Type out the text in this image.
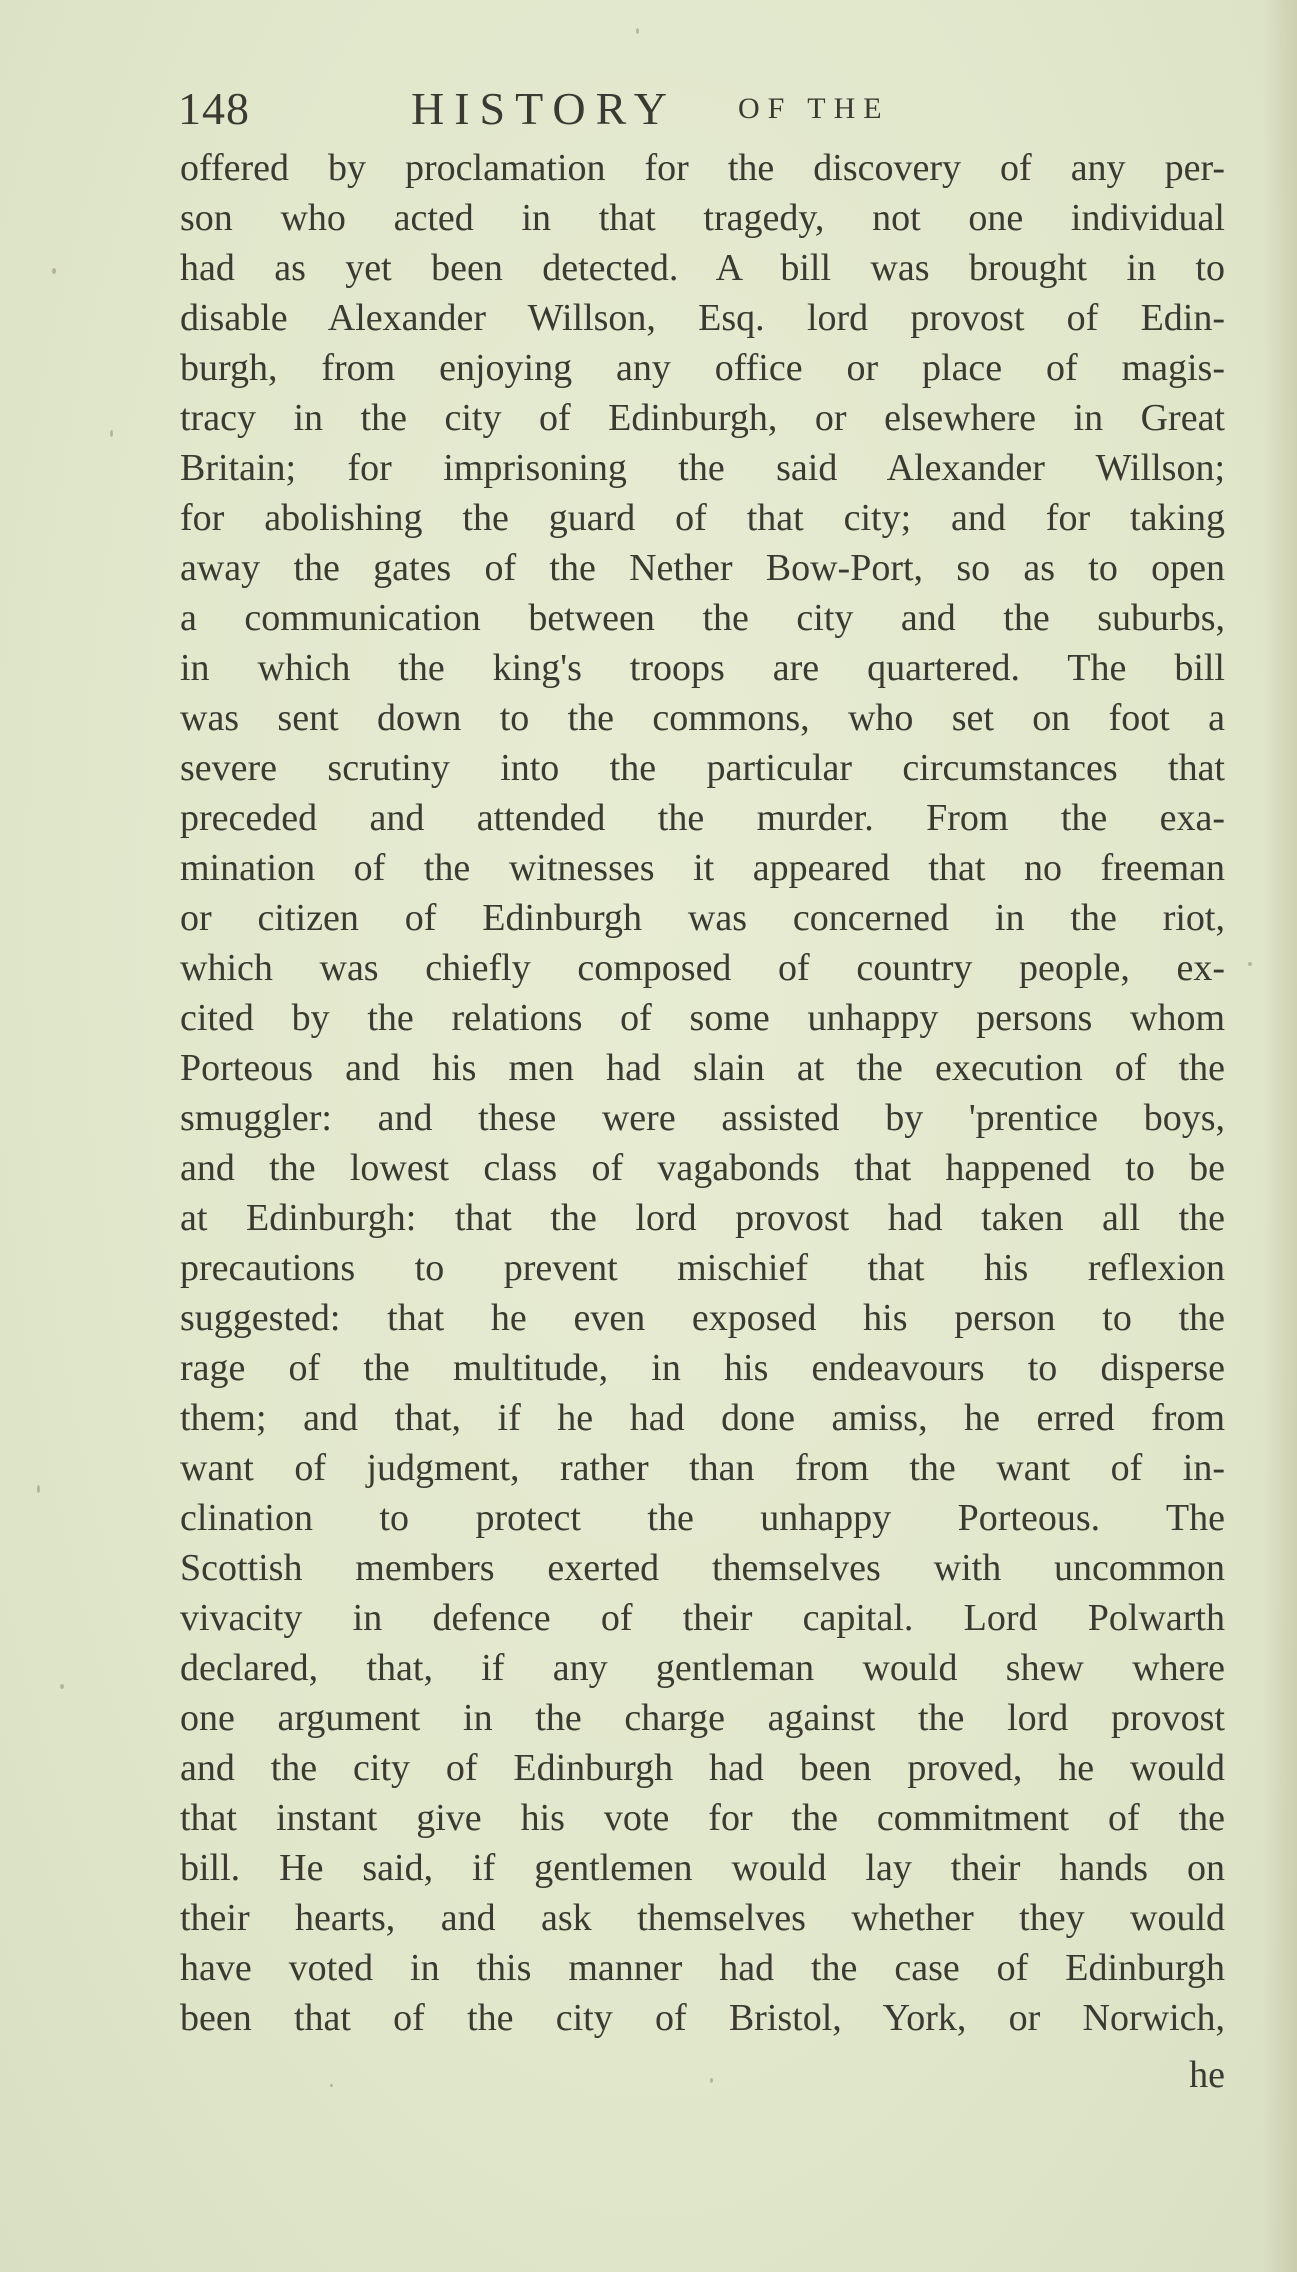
148	HISTORY OF THE
offered by proclamation for the discovery of any per-
son who acted in that tragedy, not one individual
had as yet been detected. A bill was brought in to
disable Alexander Willson, Esq. lord provost of Edin-
burgh, from enjoying any office or place of magis-
tracy in the city of Edinburgh, or elsewhere in Great
Britain; for imprisoning the said Alexander Willson;
for abolishing the guard of that city; and for taking
away the gates of the Nether Bow-Port, so as to open
a communication between the city and the suburbs,
in which the king's troops are quartered. The bill
was sent down to the commons, who set on foot a
severe scrutiny into the particular circumstances that
preceded and attended the murder. From the exa-
mination of the witnesses it appeared that no freeman
or citizen of Edinburgh was concerned in the riot,
which was chiefly composed of country people, ex-
cited by the relations of some unhappy persons whom
Porteous and his men had slain at the execution of the
smuggler: and these were assisted by 'prentice boys,
and the lowest class of vagabonds that happened to be
at Edinburgh: that the lord provost had taken all the
precautions to prevent mischief that his reflexion
suggested: that he even exposed his person to the
rage of the multitude, in his endeavours to disperse
them; and that, if he had done amiss, he erred from
want of judgment, rather than from the want of in-
clination to protect the unhappy Porteous. The
Scottish members exerted themselves with uncommon
vivacity in defence of their capital. Lord Polwarth
declared, that, if any gentleman would shew where
one argument in the charge against the lord provost
and the city of Edinburgh had been proved, he would
that instant give his vote for the commitment of the
bill. He said, if gentlemen would lay their hands on
their hearts, and ask themselves whether they would
have voted in this manner had the case of Edinburgh
been that of the city of Bristol, York, or Norwich,
he
